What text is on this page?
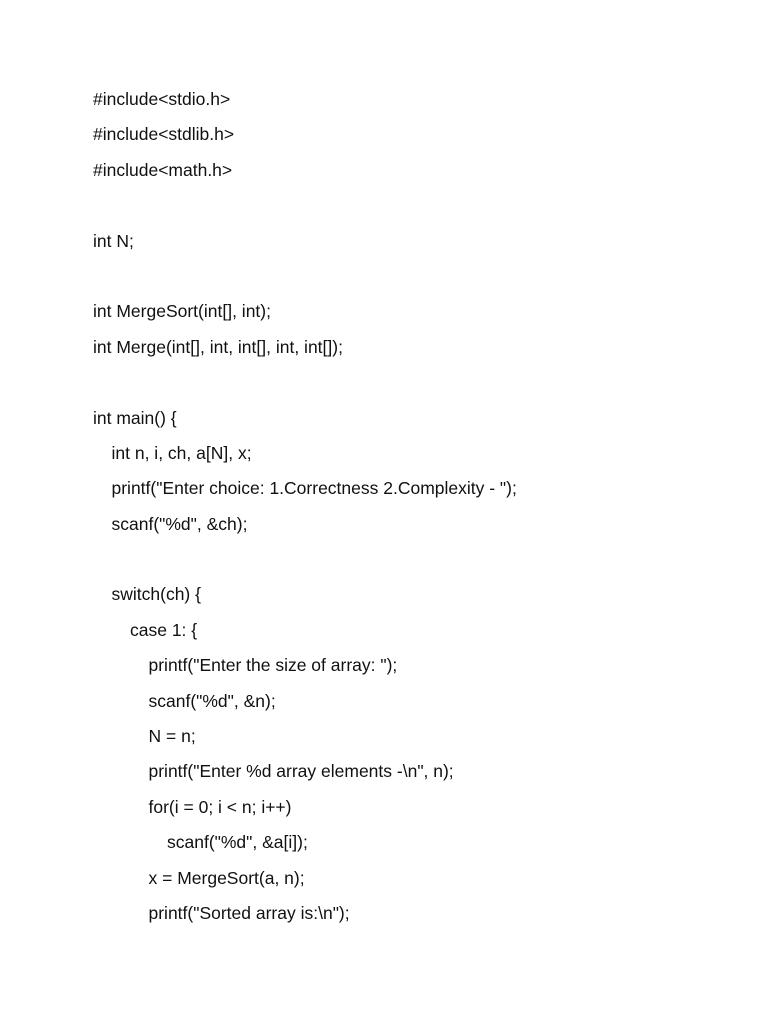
#include<stdio.h>
#include<stdlib.h>
#include<math.h>
int N;
int MergeSort(int[], int);
int Merge(int[], int, int[], int, int[]);
int main() {
int n, i, ch, a[N], x;
printf("Enter choice: 1.Correctness 2.Complexity - ");
scanf("%d", &ch);
switch(ch) {
case 1: {
printf("Enter the size of array: ");
scanf("%d", &n);
N = n;
printf("Enter %d array elements -\n", n);
for(i = 0; i < n; i++)
scanf("%d", &a[i]);
x = MergeSort(a, n);
printf("Sorted array is:\n");
